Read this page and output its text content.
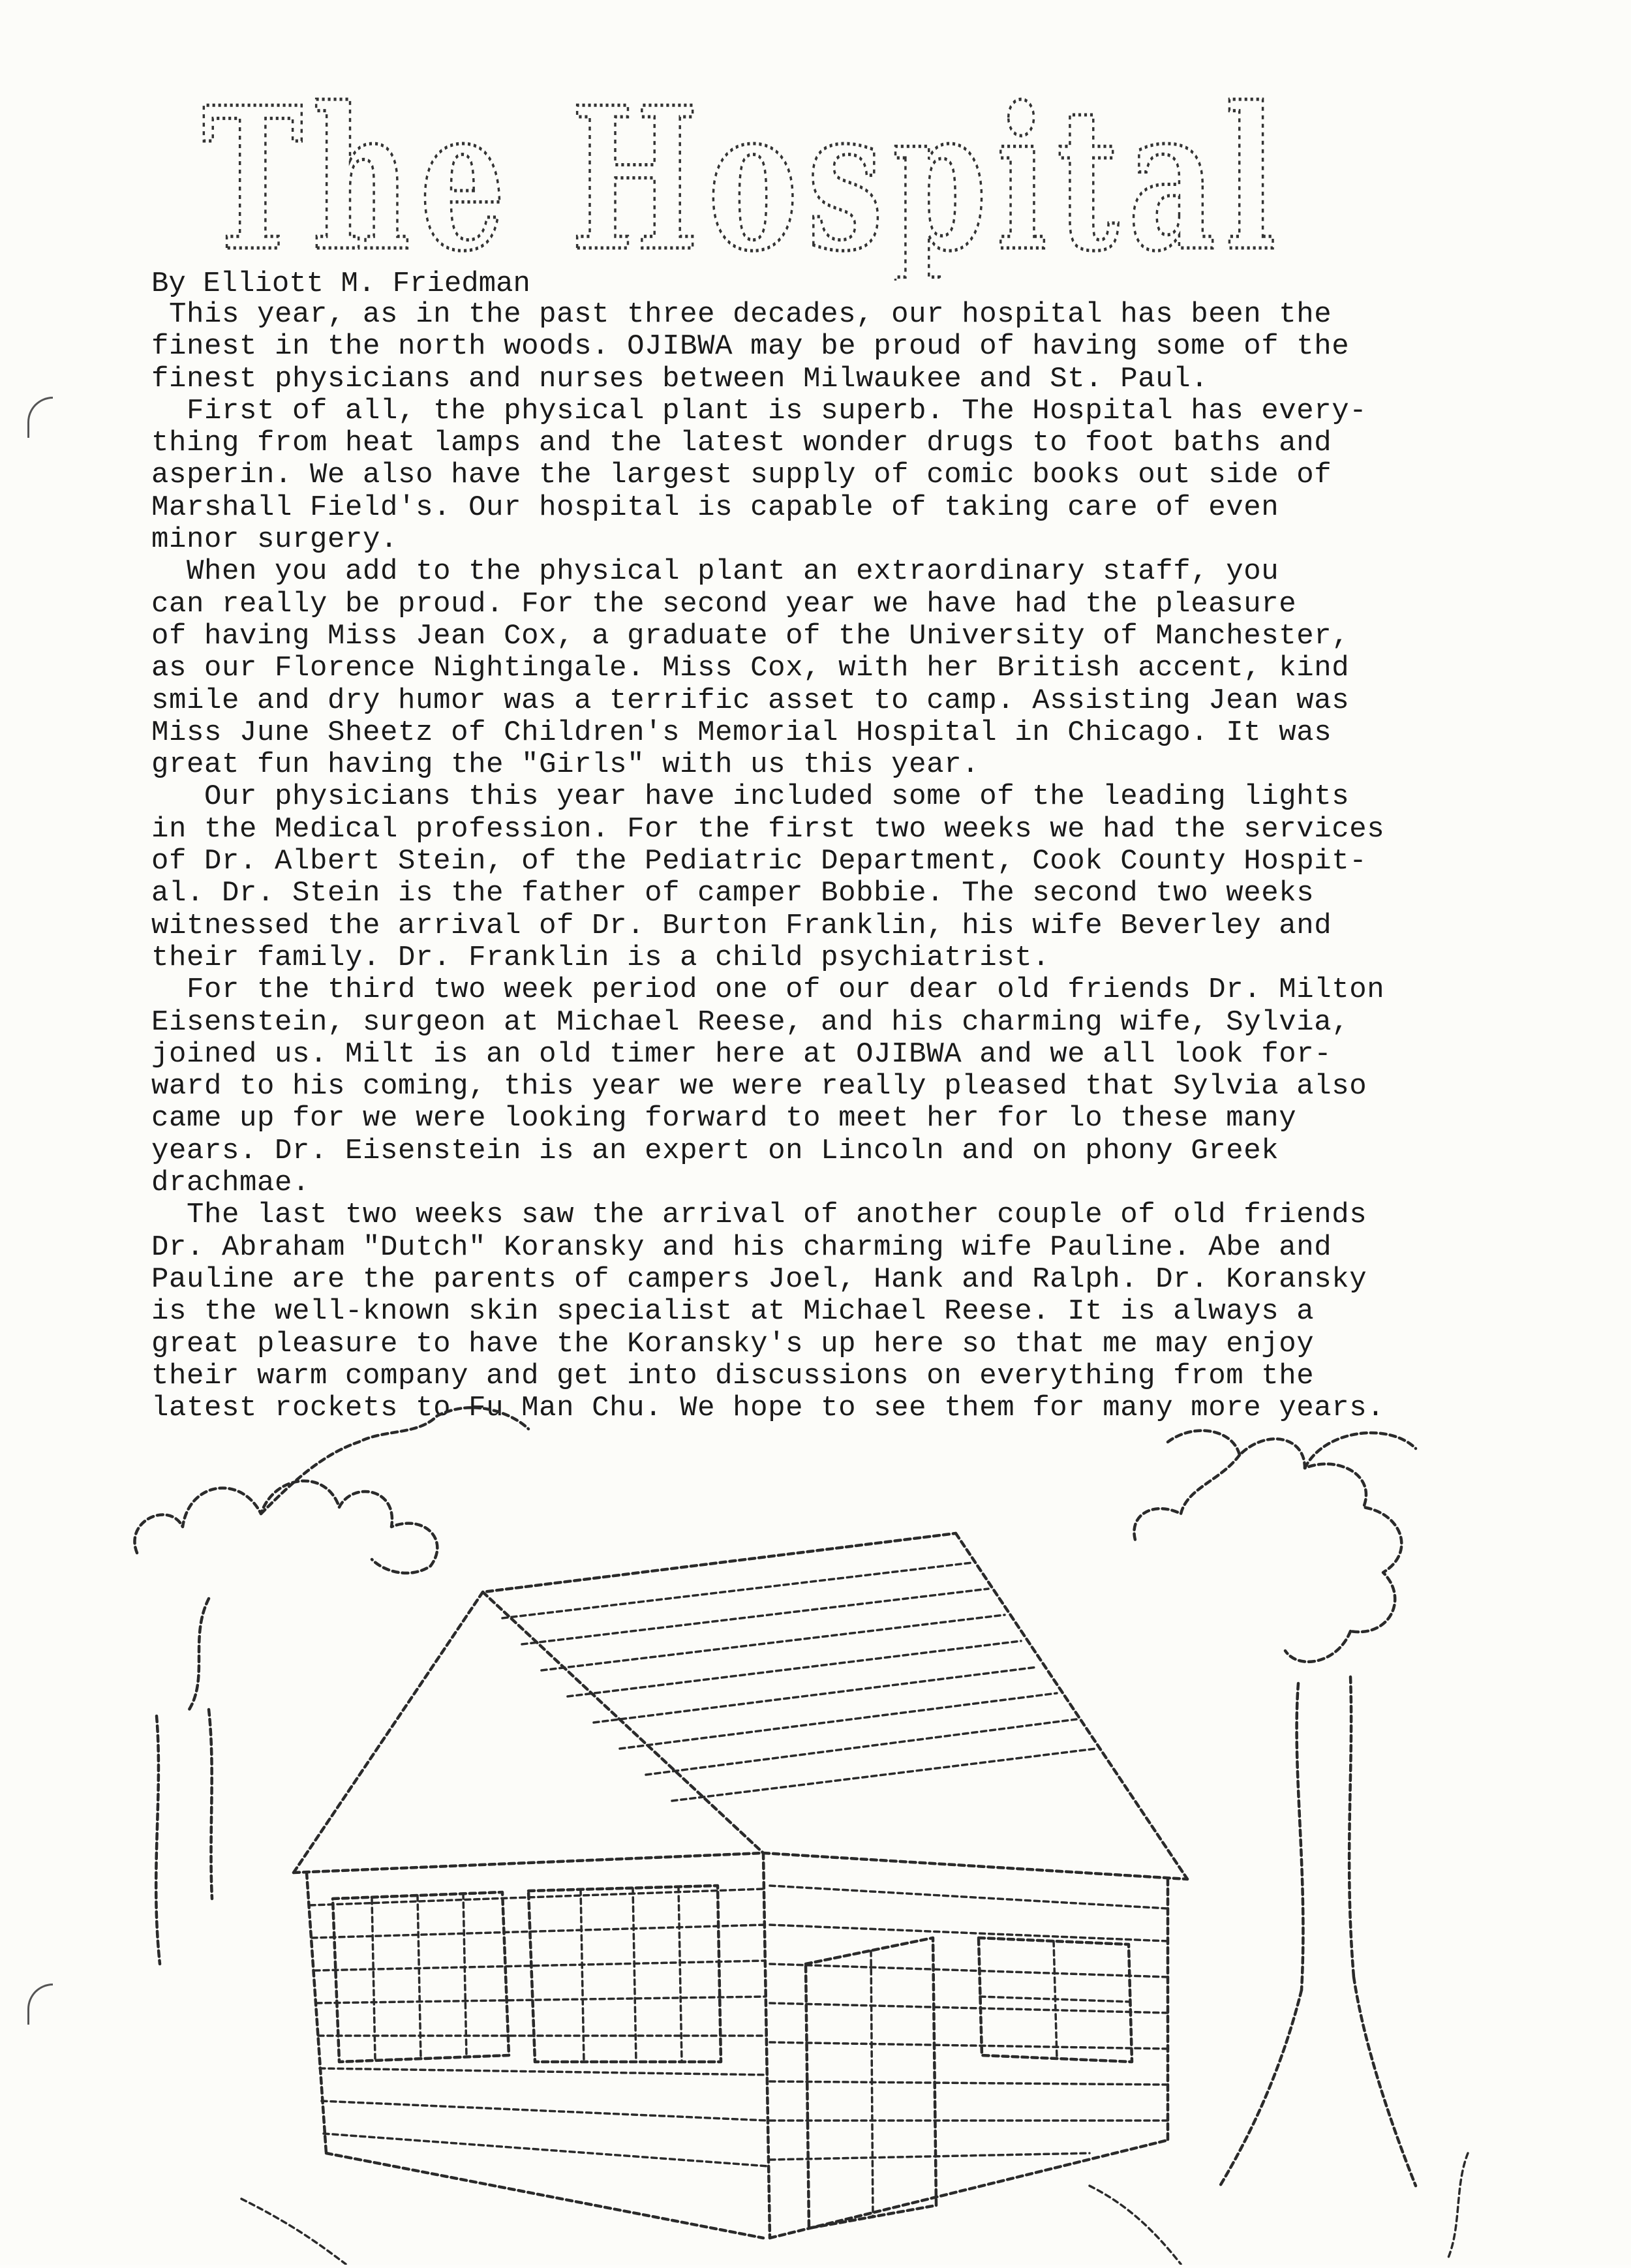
The Hospital
By Elliott M. Friedman
This year, as in the past three decades, our hospital has been the
finest in the north woods. OJIBWA may be proud of having some of the
finest physicians and nurses between Milwaukee and St. Paul.
First of all, the physical plant is superb. The Hospital has every-
thing from heat lamps and the latest wonder drugs to foot baths and
asperin. We also have the largest supply of comic books out side of
Marshall Field's. Our hospital is capable of taking care of even
minor surgery.
When you add to the physical plant an extraordinary staff, you
can really be proud. For the second year we have had the pleasure
of having Miss Jean Cox, a graduate of the University of Manchester,
as our Florence Nightingale. Miss Cox, with her British accent, kind
smile and dry humor was a terrific asset to camp. Assisting Jean was
Miss June Sheetz of Children's Memorial Hospital in Chicago. It was
great fun having the "Girls" with us this year.
Our physicians this year have included some of the leading lights
in the Medical profession. For the first two weeks we had the services
of Dr. Albert Stein, of the Pediatric Department, Cook County Hospit-
al. Dr. Stein is the father of camper Bobbie. The second two weeks
witnessed the arrival of Dr. Burton Franklin, his wife Beverley and
their family. Dr. Franklin is a child psychiatrist.
For the third two week period one of our dear old friends Dr. Milton
Eisenstein, surgeon at Michael Reese, and his charming wife, Sylvia,
joined us. Milt is an old timer here at OJIBWA and we all look for-
ward to his coming, this year we were really pleased that Sylvia also
came up for we were looking forward to meet her for lo these many
years. Dr. Eisenstein is an expert on Lincoln and on phony Greek
drachmae.
The last two weeks saw the arrival of another couple of old friends
Dr. Abraham "Dutch" Koransky and his charming wife Pauline. Abe and
Pauline are the parents of campers Joel, Hank and Ralph. Dr. Koransky
is the well-known skin specialist at Michael Reese. It is always a
great pleasure to have the Koransky's up here so that me may enjoy
their warm company and get into discussions on everything from the
latest rockets to Fu Man Chu. We hope to see them for many more years.
